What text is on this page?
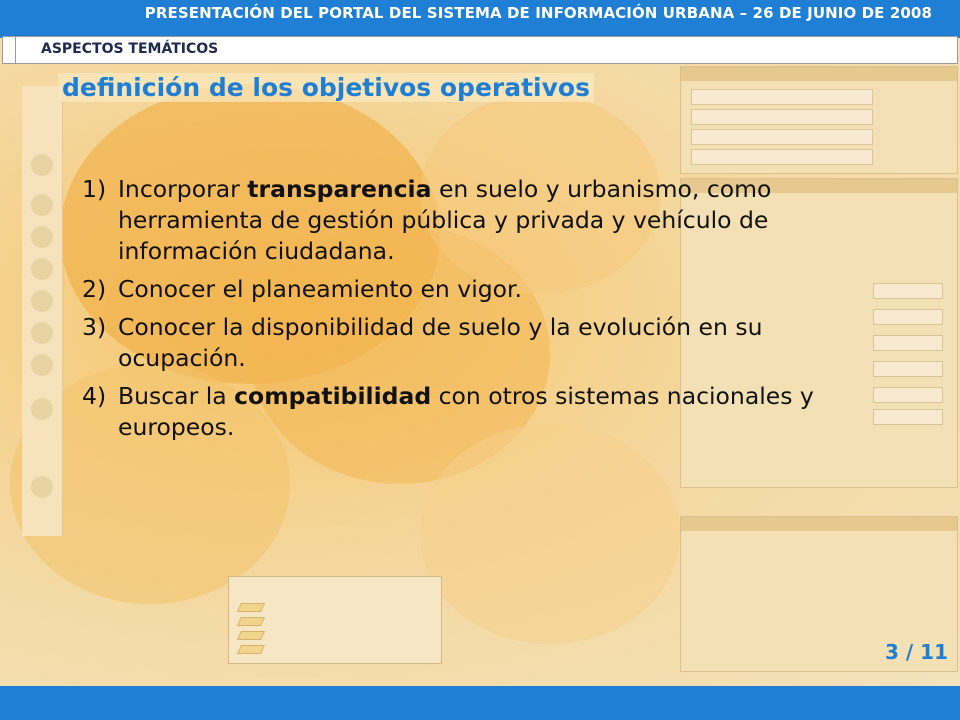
PRESENTACIÓN DEL PORTAL DEL SISTEMA DE INFORMACIÓN URBANA – 26 DE JUNIO DE 2008
ASPECTOS TEMÁTICOS
definición de los objetivos operativos
1) Incorporar transparencia en suelo y urbanismo, como herramienta de gestión pública y privada y vehículo de información ciudadana.
2) Conocer el planeamiento en vigor.
3) Conocer la disponibilidad de suelo y la evolución en su ocupación.
4) Buscar la compatibilidad con otros sistemas nacionales y europeos.
3 / 11
